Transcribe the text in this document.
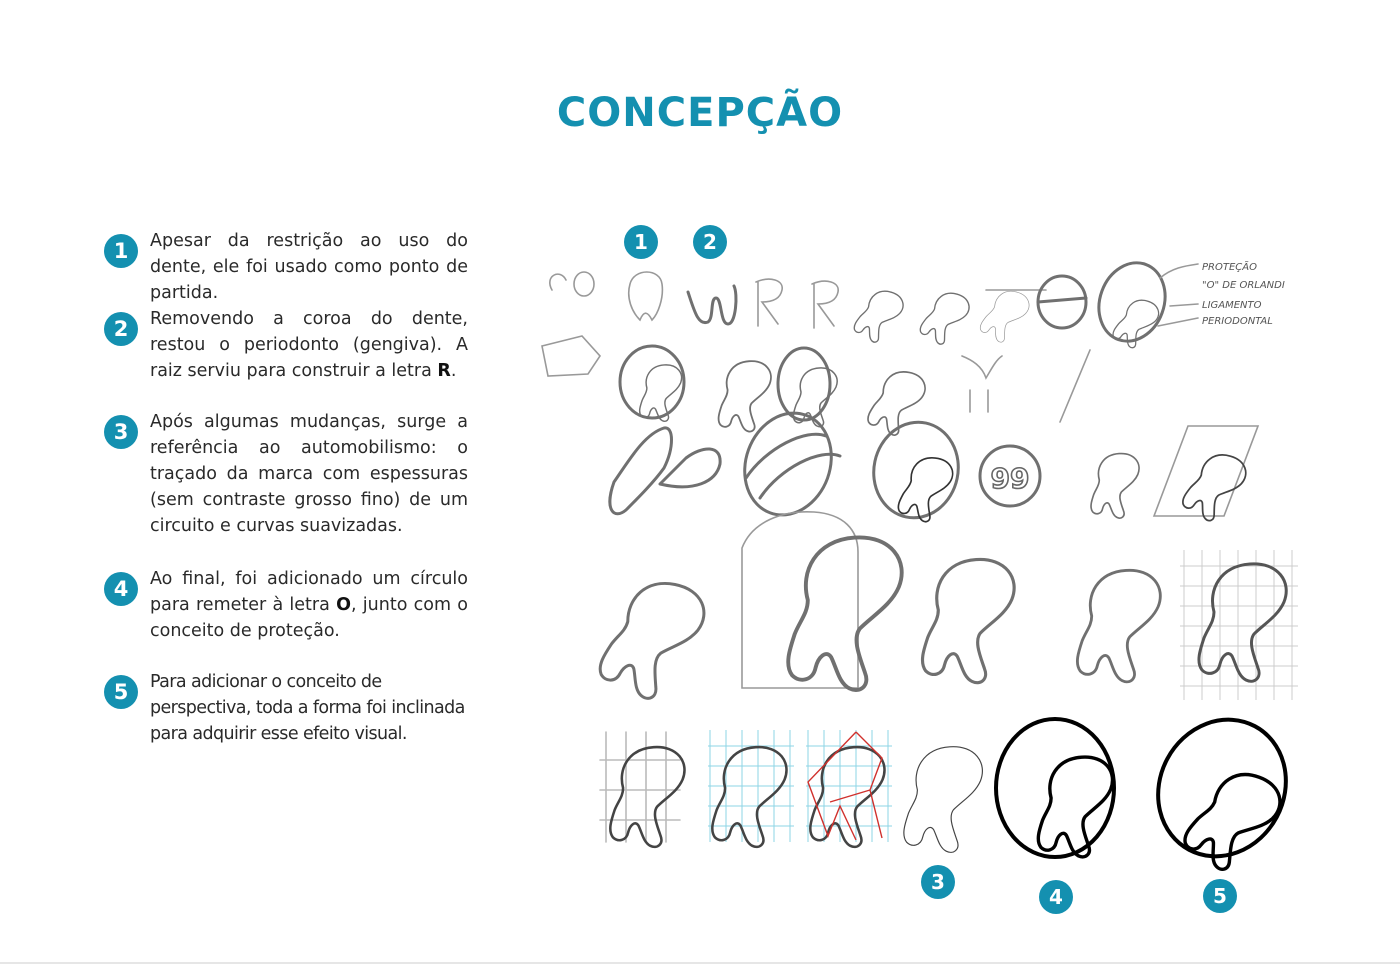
CONCEPÇÃO
1	Apesar da restrição ao uso do dente, ele foi usado como ponto de partida.
2	Removendo a coroa do dente, restou o periodonto (gengiva). A raiz serviu para construir a letra R.
3	Após algumas mudanças, surge a referência ao automobilismo: o traçado da marca com espessuras (sem contraste grosso fino) de um circuito e curvas suavizadas.
4	Ao final, foi adicionado um círculo para remeter à letra O, junto com o conceito de proteção.
5	Para adicionar o conceito de perspectiva, toda a forma foi inclinada para adquirir esse efeito visual.
1	2
PROTEÇÃO
"O" DE ORLANDI
LIGAMENTO
PERIODONTAL
99
3
4	5
